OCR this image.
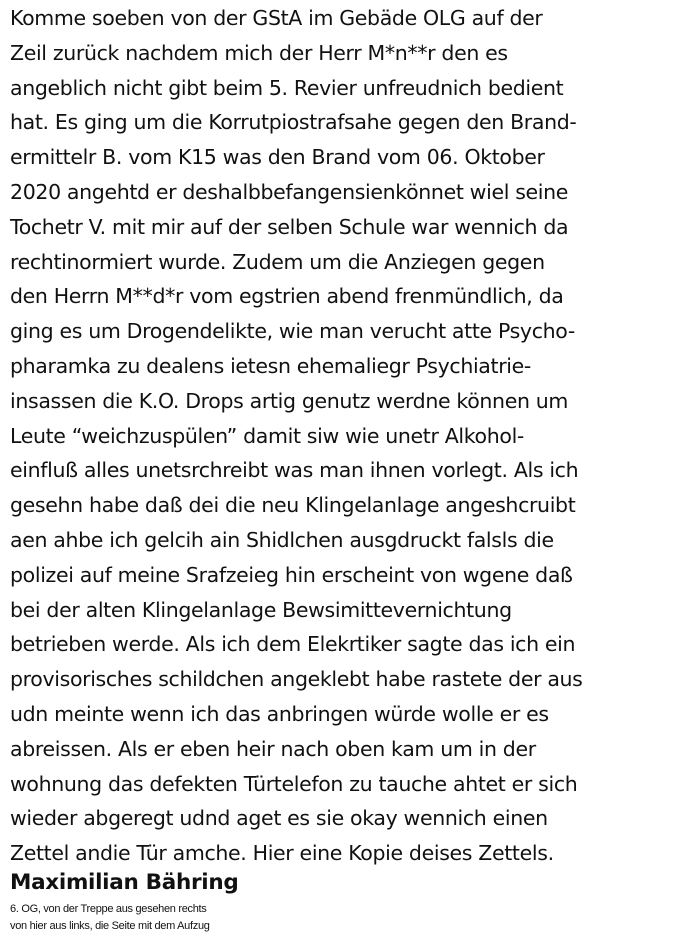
Komme soeben von der GStA im Gebäde OLG auf der
Zeil zurück nachdem mich der Herr M*n**r den es
angeblich nicht gibt beim 5. Revier unfreudnich bedient
hat. Es ging um die Korrutpiostrafsahe gegen den Brand-
ermittelr B. vom K15 was den Brand vom 06. Oktober
2020 angehtd er deshalbbefangensienkönnet wiel seine
Tochetr V. mit mir auf der selben Schule war wennich da
rechtinormiert wurde. Zudem um die Anziegen gegen
den Herrn M**d*r vom egstrien abend frenmündlich, da
ging es um Drogendelikte, wie man verucht atte Psycho-
pharamka zu dealens ietesn ehemaliegr Psychiatrie-
insassen die K.O. Drops artig genutz werdne können um
Leute “weichzuspülen” damit siw wie unetr Alkohol-
einfluß alles unetsrchreibt was man ihnen vorlegt. Als ich
gesehn habe daß dei die neu Klingelanlage angeshcruibt
aen ahbe ich gelcih ain Shidlchen ausgdruckt falsls die
polizei auf meine Srafzeieg hin erscheint von wgene daß
bei der alten Klingelanlage Bewsimittevernichtung
betrieben werde. Als ich dem Elekrtiker sagte das ich ein
provisorisches schildchen angeklebt habe rastete der aus
udn meinte wenn ich das anbringen würde wolle er es
abreissen. Als er eben heir nach oben kam um in der
wohnung das defekten Türtelefon zu tauche ahtet er sich
wieder abgeregt udnd aget es sie okay wennich einen
Zettel andie Tür amche. Hier eine Kopie deises Zettels.
Maximilian Bähring
6. OG, von der Treppe aus gesehen rechts
von hier aus links, die Seite mit dem Aufzug
